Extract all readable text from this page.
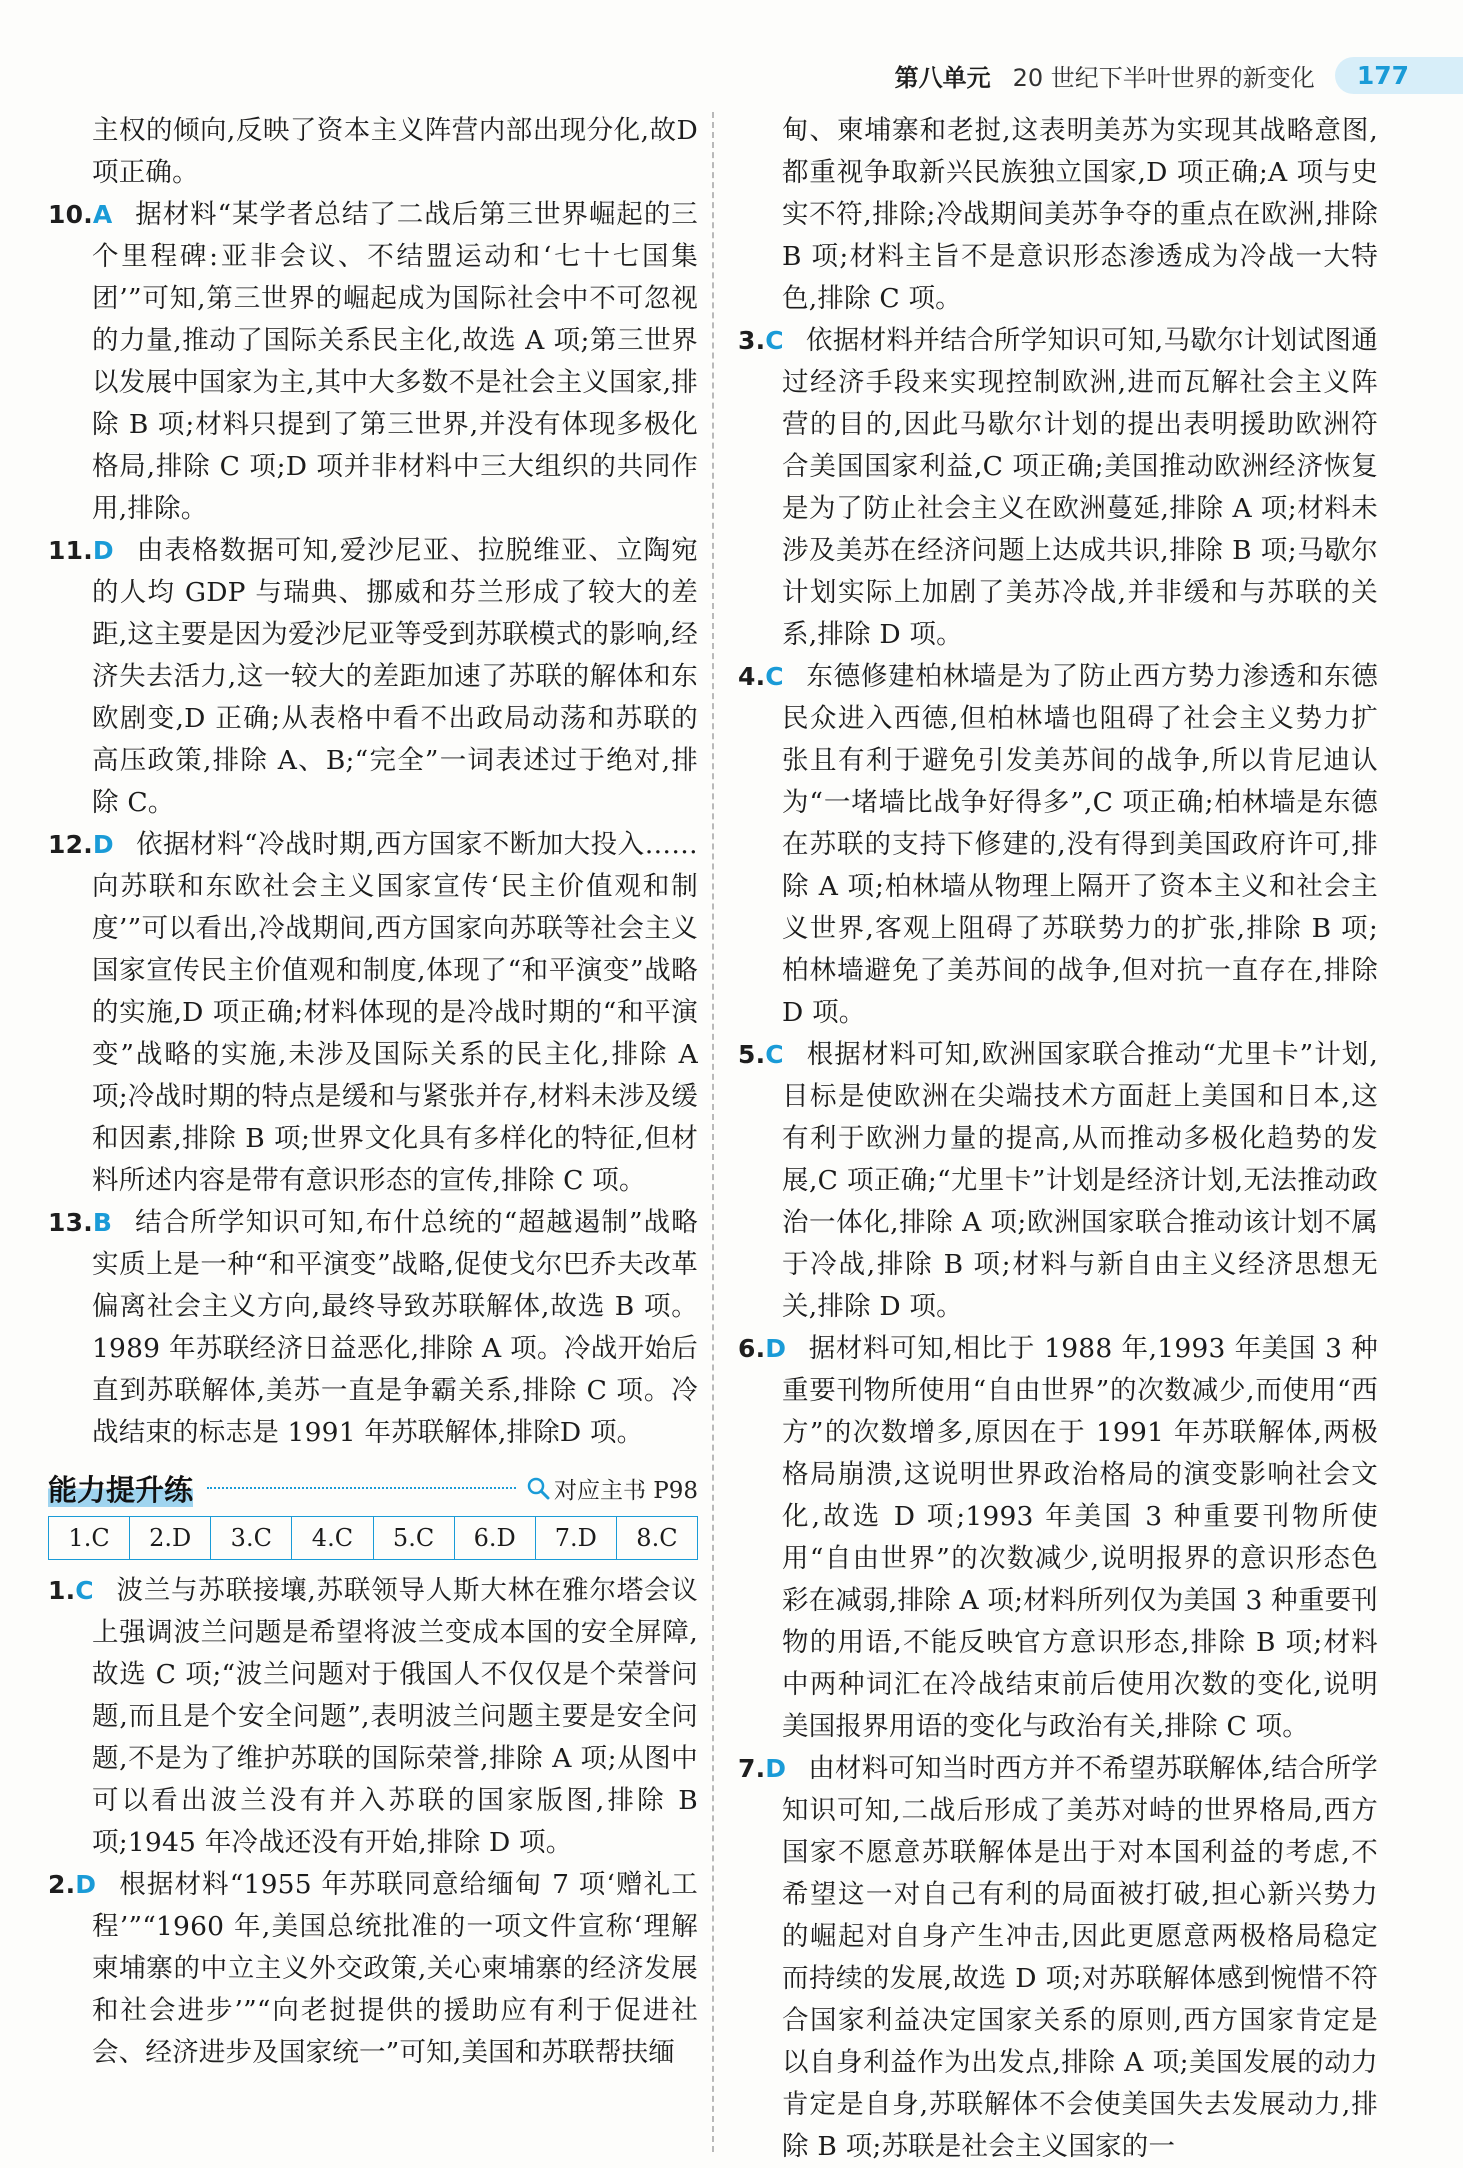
第八单元 20 世纪下半叶世界的新变化	177

主权的倾向,反映了资本主义阵营内部出现分化,故D 项正确。

10.A 据材料“某学者总结了二战后第三世界崛起的三个里程碑:亚非会议、不结盟运动和‘七十七国集团’”可知,第三世界的崛起成为国际社会中不可忽视的力量,推动了国际关系民主化,故选 A 项;第三世界以发展中国家为主,其中大多数不是社会主义国家,排除 B 项;材料只提到了第三世界,并没有体现多极化格局,排除 C 项;D 项并非材料中三大组织的共同作用,排除。

11.D 由表格数据可知,爱沙尼亚、拉脱维亚、立陶宛的人均 GDP 与瑞典、挪威和芬兰形成了较大的差距,这主要是因为爱沙尼亚等受到苏联模式的影响,经济失去活力,这一较大的差距加速了苏联的解体和东欧剧变,D 正确;从表格中看不出政局动荡和苏联的高压政策,排除 A、B;“完全”一词表述过于绝对,排除 C。

12.D 依据材料“冷战时期,西方国家不断加大投入……向苏联和东欧社会主义国家宣传‘民主价值观和制度’”可以看出,冷战期间,西方国家向苏联等社会主义国家宣传民主价值观和制度,体现了“和平演变”战略的实施,D 项正确;材料体现的是冷战时期的“和平演变”战略的实施,未涉及国际关系的民主化,排除 A 项;冷战时期的特点是缓和与紧张并存,材料未涉及缓和因素,排除 B 项;世界文化具有多样化的特征,但材料所述内容是带有意识形态的宣传,排除 C 项。

13.B 结合所学知识可知,布什总统的“超越遏制”战略实质上是一种“和平演变”战略,促使戈尔巴乔夫改革偏离社会主义方向,最终导致苏联解体,故选 B 项。1989 年苏联经济日益恶化,排除 A 项。冷战开始后直到苏联解体,美苏一直是争霸关系,排除 C 项。冷战结束的标志是 1991 年苏联解体,排除D 项。

能力提升练	对应主书 P98
1.C	2.D	3.C	4.C	5.C	6.D	7.D	8.C

1.C 波兰与苏联接壤,苏联领导人斯大林在雅尔塔会议上强调波兰问题是希望将波兰变成本国的安全屏障,故选 C 项;“波兰问题对于俄国人不仅仅是个荣誉问题,而且是个安全问题”,表明波兰问题主要是安全问题,不是为了维护苏联的国际荣誉,排除 A 项;从图中可以看出波兰没有并入苏联的国家版图,排除 B 项;1945 年冷战还没有开始,排除 D 项。

2.D 根据材料“1955 年苏联同意给缅甸 7 项‘赠礼工程’”“1960 年,美国总统批准的一项文件宣称‘理解柬埔寨的中立主义外交政策,关心柬埔寨的经济发展和社会进步’”“向老挝提供的援助应有利于促进社会、经济进步及国家统一”可知,美国和苏联帮扶缅

甸、柬埔寨和老挝,这表明美苏为实现其战略意图,都重视争取新兴民族独立国家,D 项正确;A 项与史实不符,排除;冷战期间美苏争夺的重点在欧洲,排除 B 项;材料主旨不是意识形态渗透成为冷战一大特色,排除 C 项。

3.C 依据材料并结合所学知识可知,马歇尔计划试图通过经济手段来实现控制欧洲,进而瓦解社会主义阵营的目的,因此马歇尔计划的提出表明援助欧洲符合美国国家利益,C 项正确;美国推动欧洲经济恢复是为了防止社会主义在欧洲蔓延,排除 A 项;材料未涉及美苏在经济问题上达成共识,排除 B 项;马歇尔计划实际上加剧了美苏冷战,并非缓和与苏联的关系,排除 D 项。

4.C 东德修建柏林墙是为了防止西方势力渗透和东德民众进入西德,但柏林墙也阻碍了社会主义势力扩张且有利于避免引发美苏间的战争,所以肯尼迪认为“一堵墙比战争好得多”,C 项正确;柏林墙是东德在苏联的支持下修建的,没有得到美国政府许可,排除 A 项;柏林墙从物理上隔开了资本主义和社会主义世界,客观上阻碍了苏联势力的扩张,排除 B 项;柏林墙避免了美苏间的战争,但对抗一直存在,排除 D 项。

5.C 根据材料可知,欧洲国家联合推动“尤里卡”计划,目标是使欧洲在尖端技术方面赶上美国和日本,这有利于欧洲力量的提高,从而推动多极化趋势的发展,C 项正确;“尤里卡”计划是经济计划,无法推动政治一体化,排除 A 项;欧洲国家联合推动该计划不属于冷战,排除 B 项;材料与新自由主义经济思想无关,排除 D 项。

6.D 据材料可知,相比于 1988 年,1993 年美国 3 种重要刊物所使用“自由世界”的次数减少,而使用“西方”的次数增多,原因在于 1991 年苏联解体,两极格局崩溃,这说明世界政治格局的演变影响社会文化,故选 D 项;1993 年美国 3 种重要刊物所使用“自由世界”的次数减少,说明报界的意识形态色彩在减弱,排除 A 项;材料所列仅为美国 3 种重要刊物的用语,不能反映官方意识形态,排除 B 项;材料中两种词汇在冷战结束前后使用次数的变化,说明美国报界用语的变化与政治有关,排除 C 项。

7.D 由材料可知当时西方并不希望苏联解体,结合所学知识可知,二战后形成了美苏对峙的世界格局,西方国家不愿意苏联解体是出于对本国利益的考虑,不希望这一对自己有利的局面被打破,担心新兴势力的崛起对自身产生冲击,因此更愿意两极格局稳定而持续的发展,故选 D 项;对苏联解体感到惋惜不符合国家利益决定国家关系的原则,西方国家肯定是以自身利益作为出发点,排除 A 项;美国发展的动力肯定是自身,苏联解体不会使美国失去发展动力,排除 B 项;苏联是社会主义国家的一
